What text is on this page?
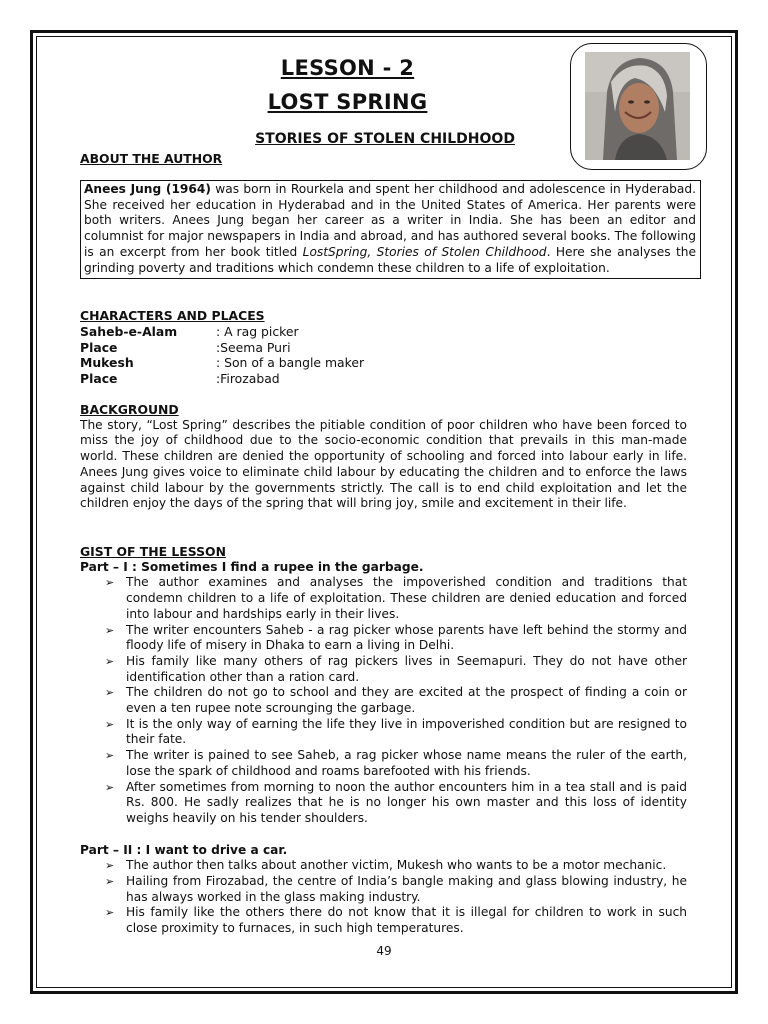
LESSON - 2
LOST SPRING
STORIES OF STOLEN CHILDHOOD
ABOUT THE AUTHOR
Anees Jung (1964) was born in Rourkela and spent her childhood and adolescence in Hyderabad. She received her education in Hyderabad and in the United States of America. Her parents were both writers. Anees Jung began her career as a writer in India. She has been an editor and columnist for major newspapers in India and abroad, and has authored several books. The following is an excerpt from her book titled LostSpring, Stories of Stolen Childhood. Here she analyses the grinding poverty and traditions which condemn these children to a life of exploitation.
CHARACTERS AND PLACES
Saheb-e-Alam	: A rag picker
Place	:Seema Puri
Mukesh	: Son of a bangle maker
Place	:Firozabad
BACKGROUND
The story, “Lost Spring” describes the pitiable condition of poor children who have been forced to miss the joy of childhood due to the socio-economic condition that prevails in this man-made world. These children are denied the opportunity of schooling and forced into labour early in life. Anees Jung gives voice to eliminate child labour by educating the children and to enforce the laws against child labour by the governments strictly. The call is to end child exploitation and let the children enjoy the days of the spring that will bring joy, smile and excitement in their life.
GIST OF THE LESSON
Part – I : Sometimes I find a rupee in the garbage.
➢ The author examines and analyses the impoverished condition and traditions that condemn children to a life of exploitation. These children are denied education and forced into labour and hardships early in their lives.
➢ The writer encounters Saheb - a rag picker whose parents have left behind the stormy and floody life of misery in Dhaka to earn a living in Delhi.
➢ His family like many others of rag pickers lives in Seemapuri. They do not have other identification other than a ration card.
➢ The children do not go to school and they are excited at the prospect of finding a coin or even a ten rupee note scrounging the garbage.
➢ It is the only way of earning the life they live in impoverished condition but are resigned to their fate.
➢ The writer is pained to see Saheb, a rag picker whose name means the ruler of the earth, lose the spark of childhood and roams barefooted with his friends.
➢ After sometimes from morning to noon the author encounters him in a tea stall and is paid Rs. 800. He sadly realizes that he is no longer his own master and this loss of identity weighs heavily on his tender shoulders.
Part – II : I want to drive a car.
➢ The author then talks about another victim, Mukesh who wants to be a motor mechanic.
➢ Hailing from Firozabad, the centre of India’s bangle making and glass blowing industry, he has always worked in the glass making industry.
➢ His family like the others there do not know that it is illegal for children to work in such close proximity to furnaces, in such high temperatures.
49
